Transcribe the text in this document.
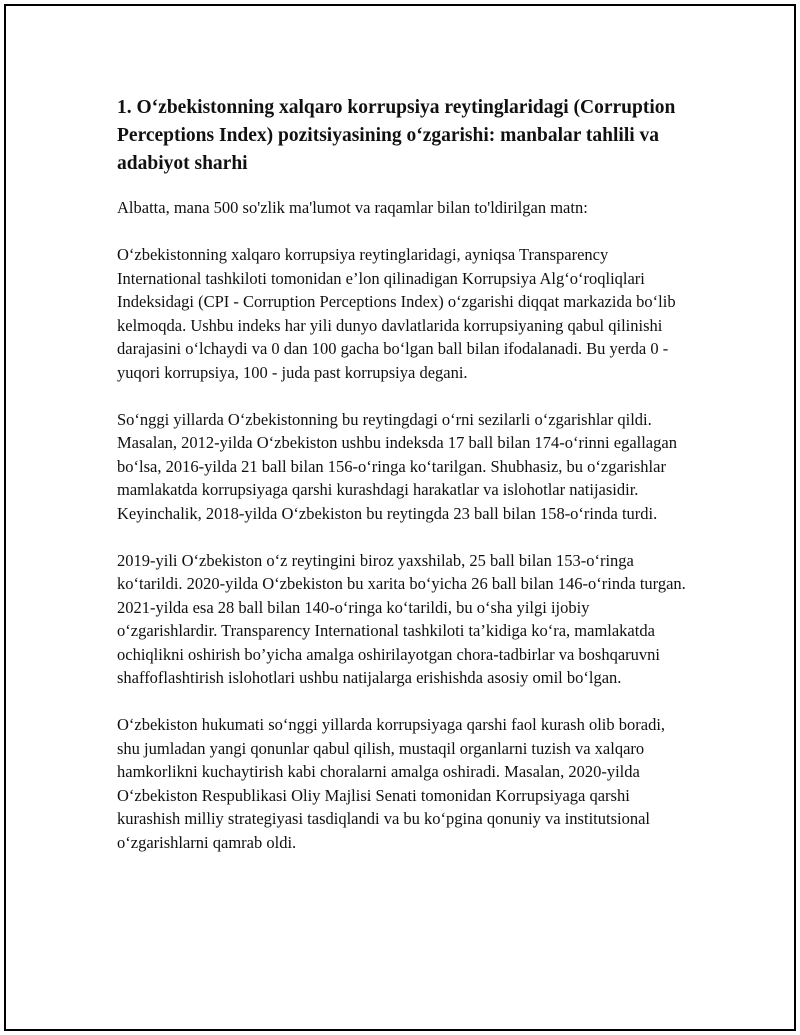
1. O‘zbekistonning xalqaro korrupsiya reytinglaridagi (Corruption Perceptions Index) pozitsiyasining o‘zgarishi: manbalar tahlili va adabiyot sharhi
Albatta, mana 500 so'zlik ma'lumot va raqamlar bilan to'ldirilgan matn:
O‘zbekistonning xalqaro korrupsiya reytinglaridagi, ayniqsa Transparency International tashkiloti tomonidan e’lon qilinadigan Korrupsiya Alg‘o‘roqliqlari Indeksidagi (CPI - Corruption Perceptions Index) o‘zgarishi diqqat markazida bo‘lib kelmoqda. Ushbu indeks har yili dunyo davlatlarida korrupsiyaning qabul qilinishi darajasini o‘lchaydi va 0 dan 100 gacha bo‘lgan ball bilan ifodalanadi. Bu yerda 0 - yuqori korrupsiya, 100 - juda past korrupsiya degani.
So‘nggi yillarda O‘zbekistonning bu reytingdagi o‘rni sezilarli o‘zgarishlar qildi. Masalan, 2012-yilda O‘zbekiston ushbu indeksda 17 ball bilan 174-o‘rinni egallagan bo‘lsa, 2016-yilda 21 ball bilan 156-o‘ringa ko‘tarilgan. Shubhasiz, bu o‘zgarishlar mamlakatda korrupsiyaga qarshi kurashdagi harakatlar va islohotlar natijasidir. Keyinchalik, 2018-yilda O‘zbekiston bu reytingda 23 ball bilan 158-o‘rinda turdi.
2019-yili O‘zbekiston o‘z reytingini biroz yaxshilab, 25 ball bilan 153-o‘ringa ko‘tarildi. 2020-yilda O‘zbekiston bu xarita bo‘yicha 26 ball bilan 146-o‘rinda turgan. 2021-yilda esa 28 ball bilan 140-o‘ringa ko‘tarildi, bu o‘sha yilgi ijobiy o‘zgarishlardir. Transparency International tashkiloti ta’kidiga ko‘ra, mamlakatda ochiqlikni oshirish bo’yicha amalga oshirilayotgan chora-tadbirlar va boshqaruvni shaffoflashtirish islohotlari ushbu natijalarga erishishda asosiy omil bo‘lgan.
O‘zbekiston hukumati so‘nggi yillarda korrupsiyaga qarshi faol kurash olib boradi, shu jumladan yangi qonunlar qabul qilish, mustaqil organlarni tuzish va xalqaro hamkorlikni kuchaytirish kabi choralarni amalga oshiradi. Masalan, 2020-yilda O‘zbekiston Respublikasi Oliy Majlisi Senati tomonidan Korrupsiyaga qarshi kurashish milliy strategiyasi tasdiqlandi va bu ko‘pgina qonuniy va institutsional o‘zgarishlarni qamrab oldi.
